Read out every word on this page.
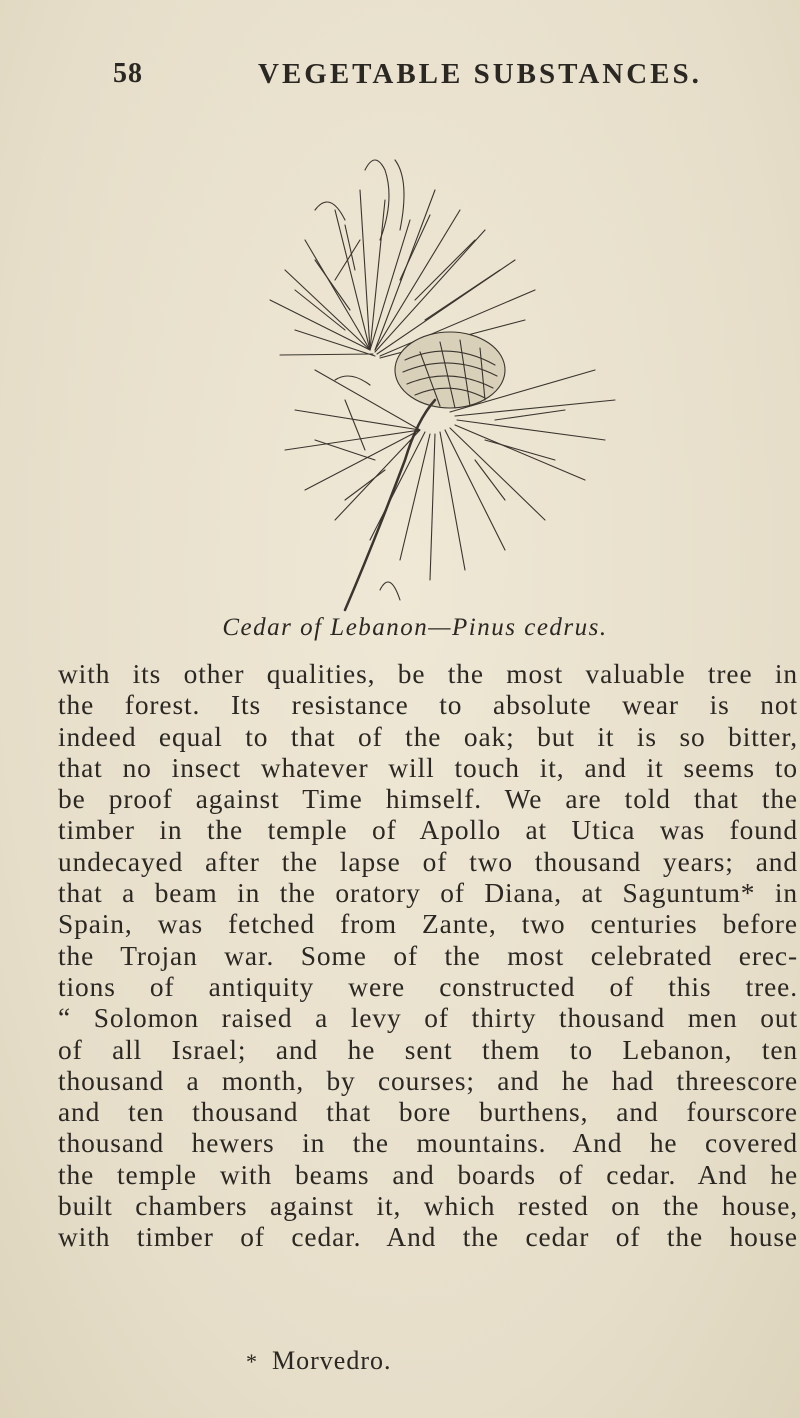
58	VEGETABLE SUBSTANCES.
Cedar of Lebanon—Pinus cedrus.
with its other qualities, be the most valuable tree in
the forest. Its resistance to absolute wear is not
indeed equal to that of the oak; but it is so bitter,
that no insect whatever will touch it, and it seems to
be proof against Time himself. We are told that the
timber in the temple of Apollo at Utica was found
undecayed after the lapse of two thousand years; and
that a beam in the oratory of Diana, at Saguntum* in
Spain, was fetched from Zante, two centuries before
the Trojan war. Some of the most celebrated erec-
tions of antiquity were constructed of this tree.
“ Solomon raised a levy of thirty thousand men out
of all Israel; and he sent them to Lebanon, ten
thousand a month, by courses; and he had threescore
and ten thousand that bore burthens, and fourscore
thousand hewers in the mountains. And he covered
the temple with beams and boards of cedar. And he
built chambers against it, which rested on the house,
with timber of cedar. And the cedar of the house
* Morvedro.
